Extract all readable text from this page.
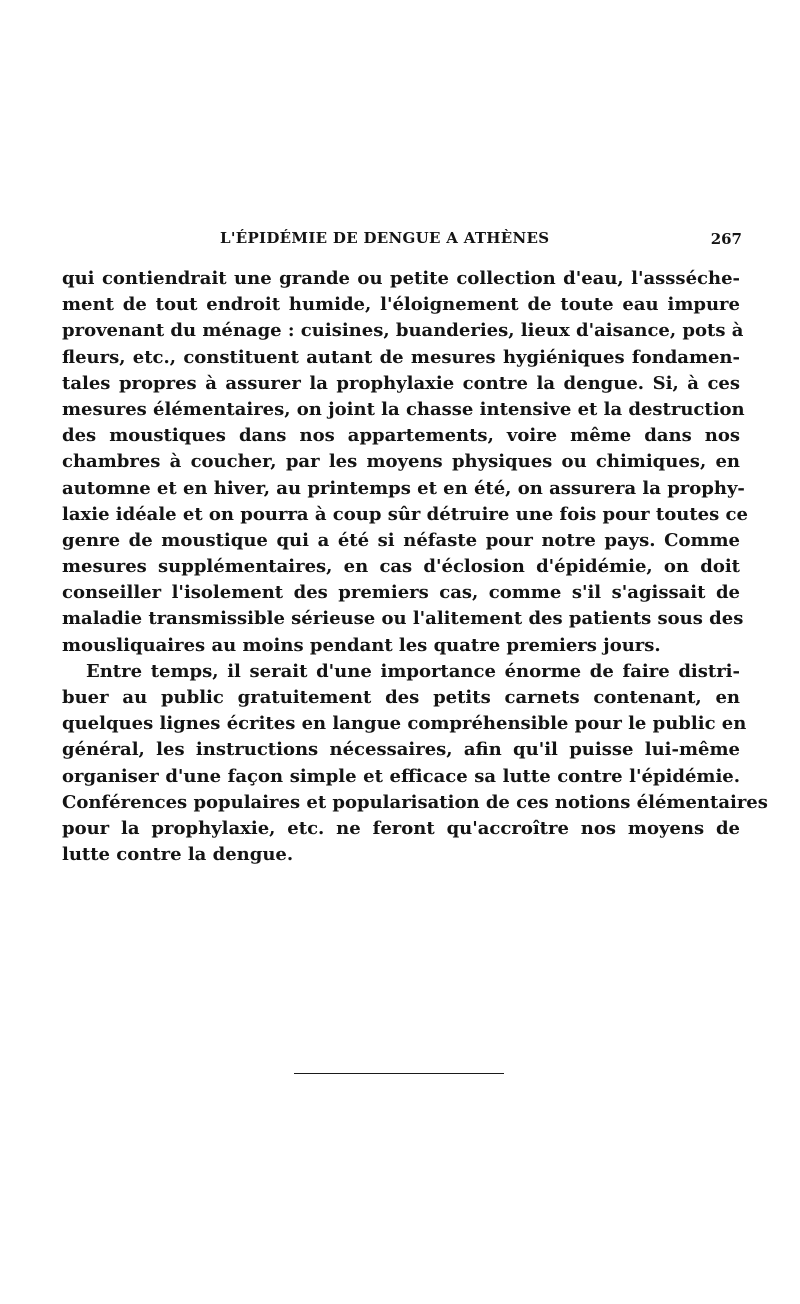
L'ÉPIDÉMIE DE DENGUE A ATHÈNES	267
qui contiendrait une grande ou petite collection d'eau, l'assséche-
ment de tout endroit humide, l'éloignement de toute eau impure
provenant du ménage : cuisines, buanderies, lieux d'aisance, pots à
fleurs, etc., constituent autant de mesures hygiéniques fondamen-
tales propres à assurer la prophylaxie contre la dengue. Si, à ces
mesures élémentaires, on joint la chasse intensive et la destruction
des moustiques dans nos appartements, voire même dans nos
chambres à coucher, par les moyens physiques ou chimiques, en
automne et en hiver, au printemps et en été, on assurera la prophy-
laxie idéale et on pourra à coup sûr détruire une fois pour toutes ce
genre de moustique qui a été si néfaste pour notre pays. Comme
mesures supplémentaires, en cas d'éclosion d'épidémie, on doit
conseiller l'isolement des premiers cas, comme s'il s'agissait de
maladie transmissible sérieuse ou l'alitement des patients sous des
mousliquaires au moins pendant les quatre premiers jours.
Entre temps, il serait d'une importance énorme de faire distri-
buer au public gratuitement des petits carnets contenant, en
quelques lignes écrites en langue compréhensible pour le public en
général, les instructions nécessaires, afin qu'il puisse lui-même
organiser d'une façon simple et efficace sa lutte contre l'épidémie.
Conférences populaires et popularisation de ces notions élémentaires
pour la prophylaxie, etc. ne feront qu'accroître nos moyens de
lutte contre la dengue.
